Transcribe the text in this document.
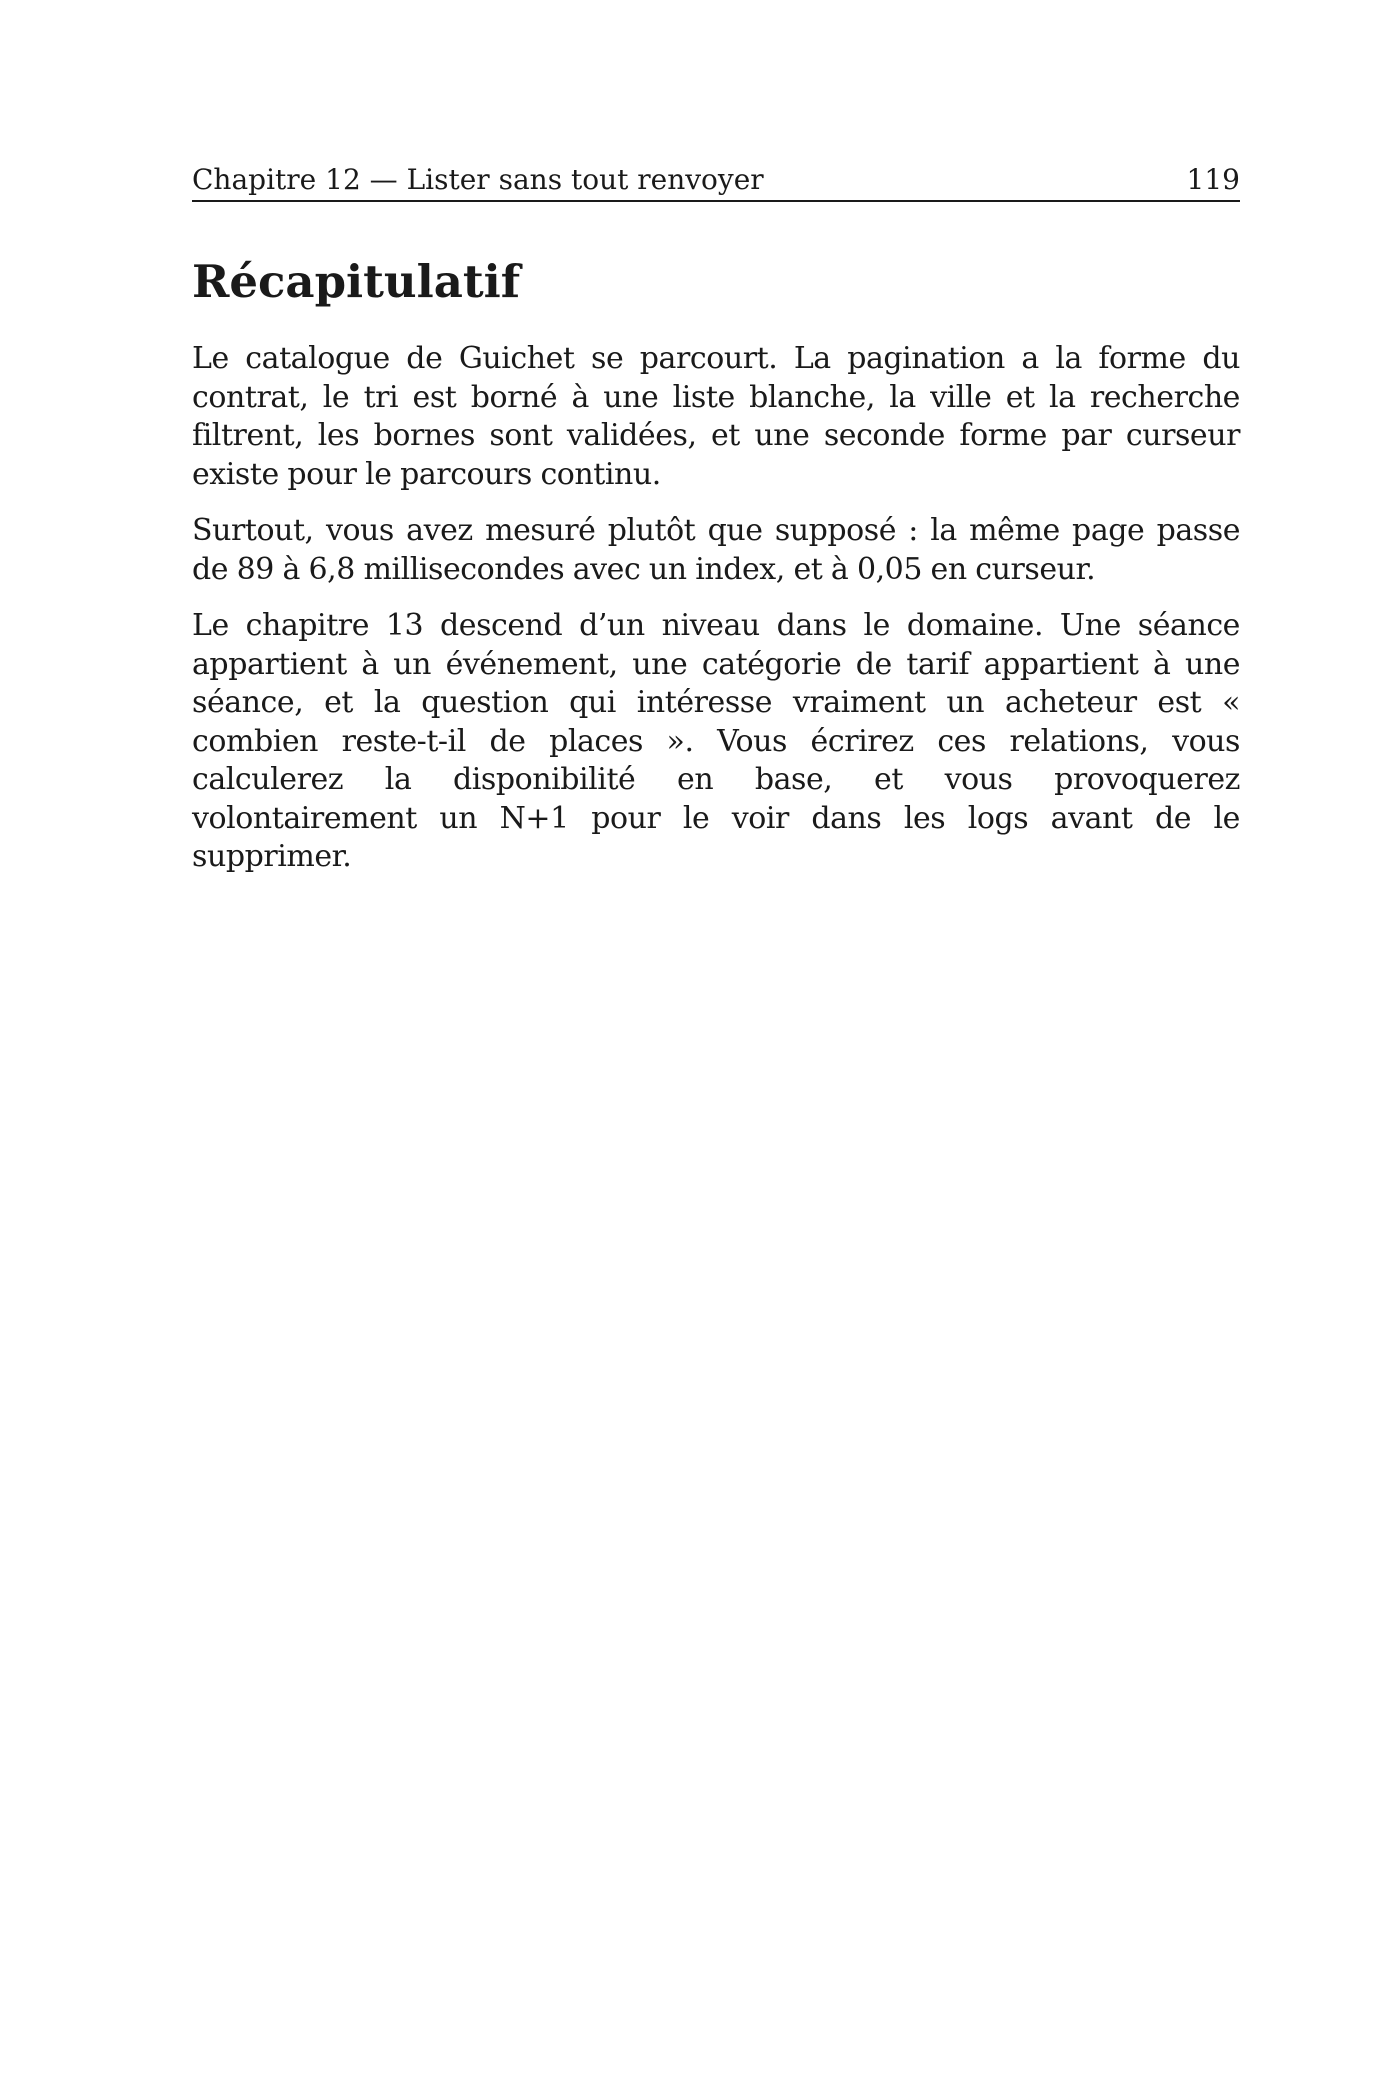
Chapitre 12 — Lister sans tout renvoyer	119
Récapitulatif

Le catalogue de Guichet se parcourt. La pagination a la forme du contrat, le tri est borné à une liste blanche, la ville et la recherche filtrent, les bornes sont validées, et une seconde forme par curseur existe pour le parcours continu.

Surtout, vous avez mesuré plutôt que supposé : la même page passe de 89 à 6,8 millisecondes avec un index, et à 0,05 en curseur.

Le chapitre 13 descend d’un niveau dans le domaine. Une séance appartient à un événement, une catégorie de tarif appartient à une séance, et la question qui intéresse vraiment un acheteur est « combien reste-t-il de places ». Vous écrirez ces relations, vous calculerez la disponibilité en base, et vous provoquerez volontairement un N+1 pour le voir dans les logs avant de le supprimer.
